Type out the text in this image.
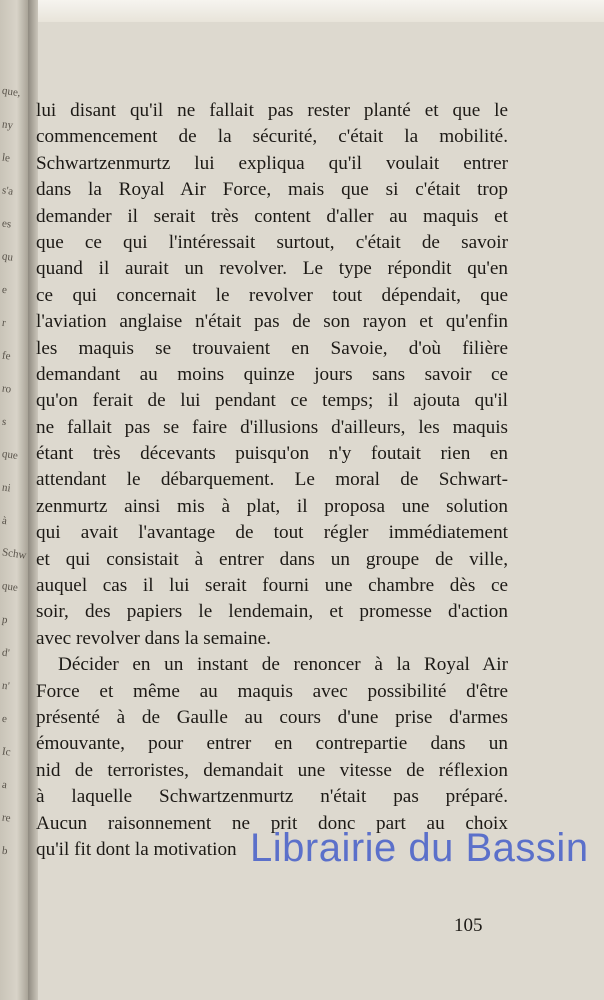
que,
ny
le
s'a
es
qu
e
r
fe
ro
s
que
ni
à
Schw
que
p
d'
n'
e
Ic
a
re
b
lui disant qu'il ne fallait pas rester planté et que le
commencement de la sécurité, c'était la mobilité.
Schwartzenmurtz lui expliqua qu'il voulait entrer
dans la Royal Air Force, mais que si c'était trop
demander il serait très content d'aller au maquis et
que ce qui l'intéressait surtout, c'était de savoir
quand il aurait un revolver. Le type répondit qu'en
ce qui concernait le revolver tout dépendait, que
l'aviation anglaise n'était pas de son rayon et qu'enfin
les maquis se trouvaient en Savoie, d'où filière
demandant au moins quinze jours sans savoir ce
qu'on ferait de lui pendant ce temps; il ajouta qu'il
ne fallait pas se faire d'illusions d'ailleurs, les maquis
étant très décevants puisqu'on n'y foutait rien en
attendant le débarquement. Le moral de Schwart-
zenmurtz ainsi mis à plat, il proposa une solution
qui avait l'avantage de tout régler immédiatement
et qui consistait à entrer dans un groupe de ville,
auquel cas il lui serait fourni une chambre dès ce
soir, des papiers le lendemain, et promesse d'action
avec revolver dans la semaine.
Décider en un instant de renoncer à la Royal Air
Force et même au maquis avec possibilité d'être
présenté à de Gaulle au cours d'une prise d'armes
émouvante, pour entrer en contrepartie dans un
nid de terroristes, demandait une vitesse de réflexion
à laquelle Schwartzenmurtz n'était pas préparé.
Aucun raisonnement ne prit donc part au choix
qu'il fit dont la motivation Librairie du Bassin
105
